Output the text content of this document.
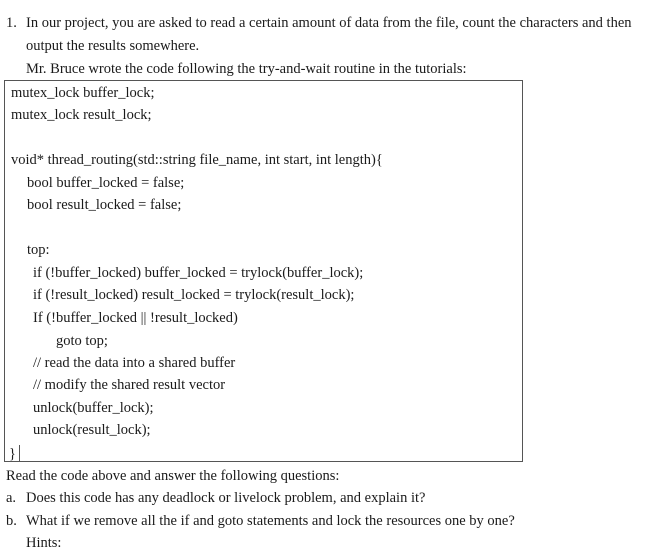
1. In our project, you are asked to read a certain amount of data from the file, count the characters and then
output the results somewhere.
Mr. Bruce wrote the code following the try-and-wait routine in the tutorials:
mutex_lock buffer_lock;
mutex_lock result_lock;
void* thread_routing(std::string file_name, int start, int length){
bool buffer_locked = false;
bool result_locked = false;
top:
if (!buffer_locked) buffer_locked = trylock(buffer_lock);
if (!result_locked) result_locked = trylock(result_lock);
If (!buffer_locked || !result_locked)
goto top;
// read the data into a shared buffer
// modify the shared result vector
unlock(buffer_lock);
unlock(result_lock);
}
Read the code above and answer the following questions:
a. Does this code has any deadlock or livelock problem, and explain it?
b. What if we remove all the if and goto statements and lock the resources one by one?
Hints:
